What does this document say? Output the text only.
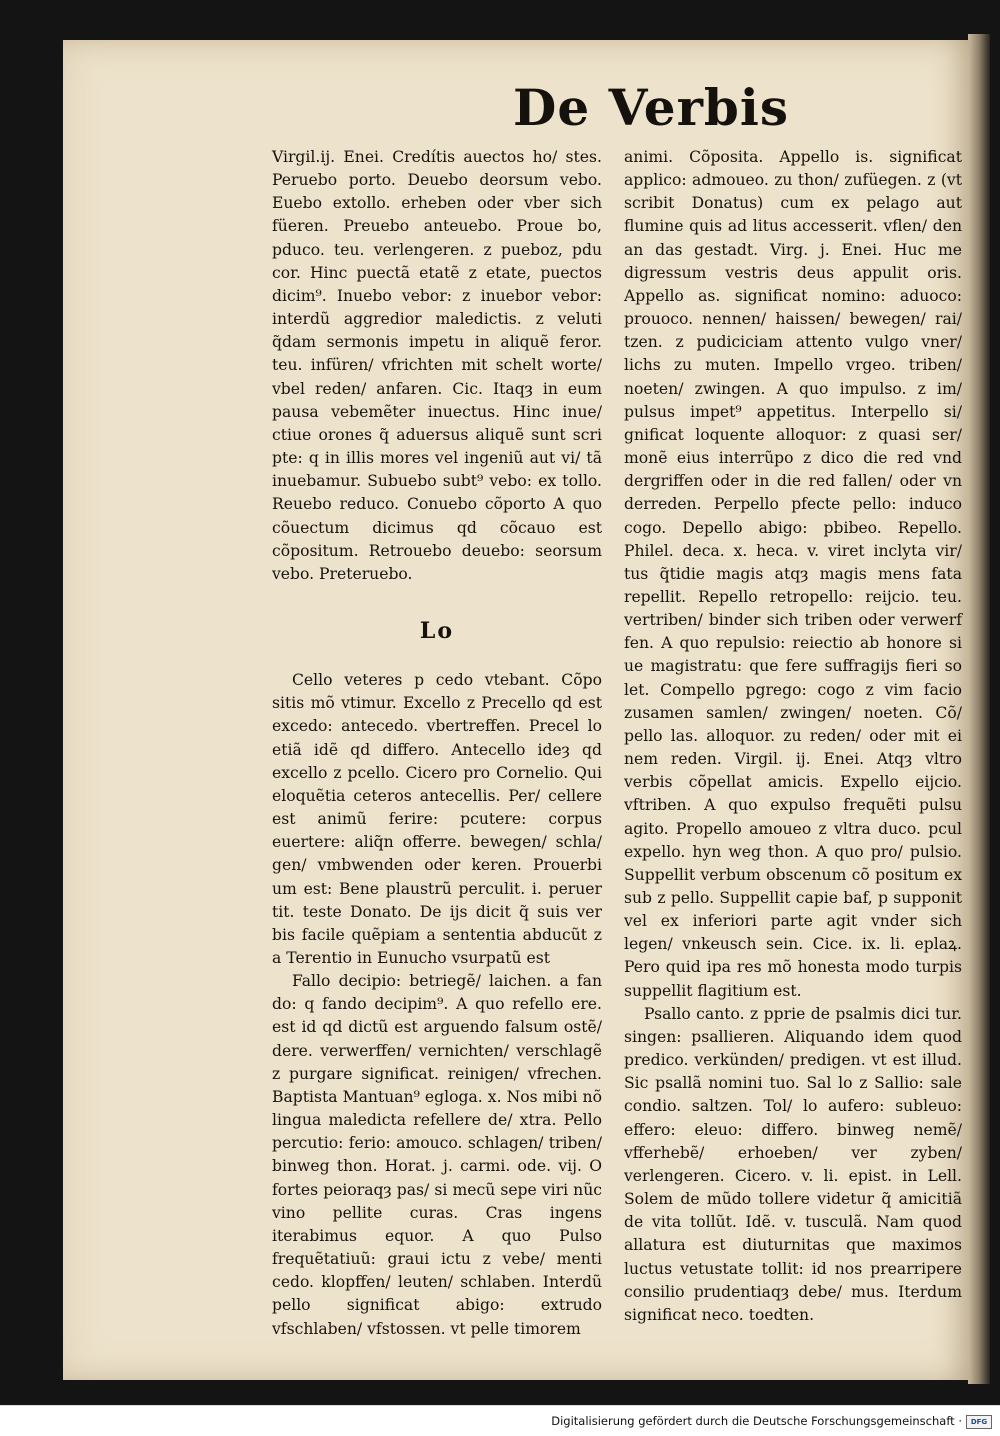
De Verbis

Virgil.ij. Enei. Credítis auectos ho/ stes. Peruebo porto. Deuebo deorsum vebo. Euebo extollo. erheben oder vber sich füeren. Preuebo anteuebo. Proue bo, pduco. teu. verlengeren. z pueboz, pdu cor. Hinc puectã etatẽ z etate, puectos dicim⁹. Inuebo vebor: z inuebor vebor: interdũ aggredior maledictis. z veluti q̃dam sermonis impetu in aliquẽ feror. teu. infüren/ vfrichten mit schelt worte/ vbel reden/ anfaren. Cic. Itaqȝ in eum pausa vebemẽter inuectus. Hinc inue/ ctiue orones q̃ aduersus aliquẽ sunt scri pte: q in illis mores vel ingeniũ aut vi/ tã inuebamur. Subuebo subt⁹ vebo: ex tollo. Reuebo reduco. Conuebo cõporto A quo cõuectum dicimus qd cõcauo est cõpositum. Retrouebo deuebo: seorsum vebo. Preteruebo.

Lo

Cello veteres p cedo vtebant. Cõpo sitis mõ vtimur. Excello z Precello qd est excedo: antecedo. vbertreffen. Precel lo etiã idẽ qd differo. Antecello ideȝ qd excello z pcello. Cicero pro Cornelio. Qui eloquẽtia ceteros antecellis. Per/ cellere est animũ ferire: pcutere: corpus euertere: aliq̃n offerre. bewegen/ schla/ gen/ vmbwenden oder keren. Prouerbi um est: Bene plaustrũ perculit. i. peruer tit. teste Donato. De ijs dicit q̃ suis ver bis facile quẽpiam a sententia abducũt z a Terentio in Eunucho vsurpatũ est

Fallo decipio: betriegẽ/ laichen. a fan do: q fando decipim⁹. A quo refello ere. est id qd dictũ est arguendo falsum ostẽ/ dere. verwerffen/ vernichten/ verschlagẽ z purgare significat. reinigen/ vfrechen. Baptista Mantuan⁹ egloga. x. Nos mibi nõ lingua maledicta refellere de/ xtra. Pello percutio: ferio: amouco. schlagen/ triben/ binweg thon. Horat. j. carmi. ode. vij. O fortes peioraqȝ pas/ si mecũ sepe viri nũc vino pellite curas. Cras ingens iterabimus equor. A quo Pulso frequẽtatiuũ: graui ictu z vebe/ menti cedo. klopffen/ leuten/ schlaben. Interdũ pello significat abigo: extrudo vfschlaben/ vfstossen. vt pelle timorem

animi. Cõposita. Appello is. significat applico: admoueo. zu thon/ zufüegen. z (vt scribit Donatus) cum ex pelago aut flumine quis ad litus accesserit. vflen/ den an das gestadt. Virg. j. Enei. Huc me digressum vestris deus appulit oris. Appello as. significat nomino: aduoco: prouoco. nennen/ haissen/ bewegen/ rai/ tzen. z pudiciciam attento vulgo vner/ lichs zu muten. Impello vrgeo. triben/ noeten/ zwingen. A quo impulso. z im/ pulsus impet⁹ appetitus. Interpello si/ gnificat loquente alloquor: z quasi ser/ monẽ eius interrũpo z dico die red vnd dergriffen oder in die red fallen/ oder vn derreden. Perpello pfecte pello: induco cogo. Depello abigo: pbibeo. Repello. Philel. deca. x. heca. v. viret inclyta vir/ tus q̃tidie magis atqȝ magis mens fata repellit. Repello retropello: reijcio. teu. vertriben/ binder sich triben oder verwerf fen. A quo repulsio: reiectio ab honore si ue magistratu: que fere suffragijs fieri so let. Compello pgrego: cogo z vim facio zusamen samlen/ zwingen/ noeten. Cõ/ pello las. alloquor. zu reden/ oder mit ei nem reden. Virgil. ij. Enei. Atqȝ vltro verbis cõpellat amicis. Expello eijcio. vftriben. A quo expulso frequẽti pulsu agito. Propello amoueo z vltra duco. pcul expello. hyn weg thon. A quo pro/ pulsio. Suppellit verbum obscenum cõ positum ex sub z pello. Suppellit capie baf, p supponit vel ex inferiori parte agit vnder sich legen/ vnkeusch sein. Cice. ix. li. eplaꝝ. Pero quid ipa res mõ honesta modo turpis suppellit flagitium est.

Psallo canto. z pprie de psalmis dici tur. singen: psallieren. Aliquando idem quod predico. verkünden/ predigen. vt est illud. Sic psallã nomini tuo. Sal lo z Sallio: sale condio. saltzen. Tol/ lo aufero: subleuo: effero: eleuo: differo. binweg nemẽ/ vfferhebẽ/ erhoeben/ ver zyben/ verlengeren. Cicero. v. li. epist. in Lell. Solem de mũdo tollere videtur q̃ amicitiã de vita tollũt. Idẽ. v. tusculã. Nam quod allatura est diuturnitas que maximos luctus vetustate tollit: id nos prearripere consilio prudentiaqȝ debe/ mus. Iterdum significat neco. toedten.

Digitalisierung gefördert durch die Deutsche Forschungsgemeinschaft ·	DFG
